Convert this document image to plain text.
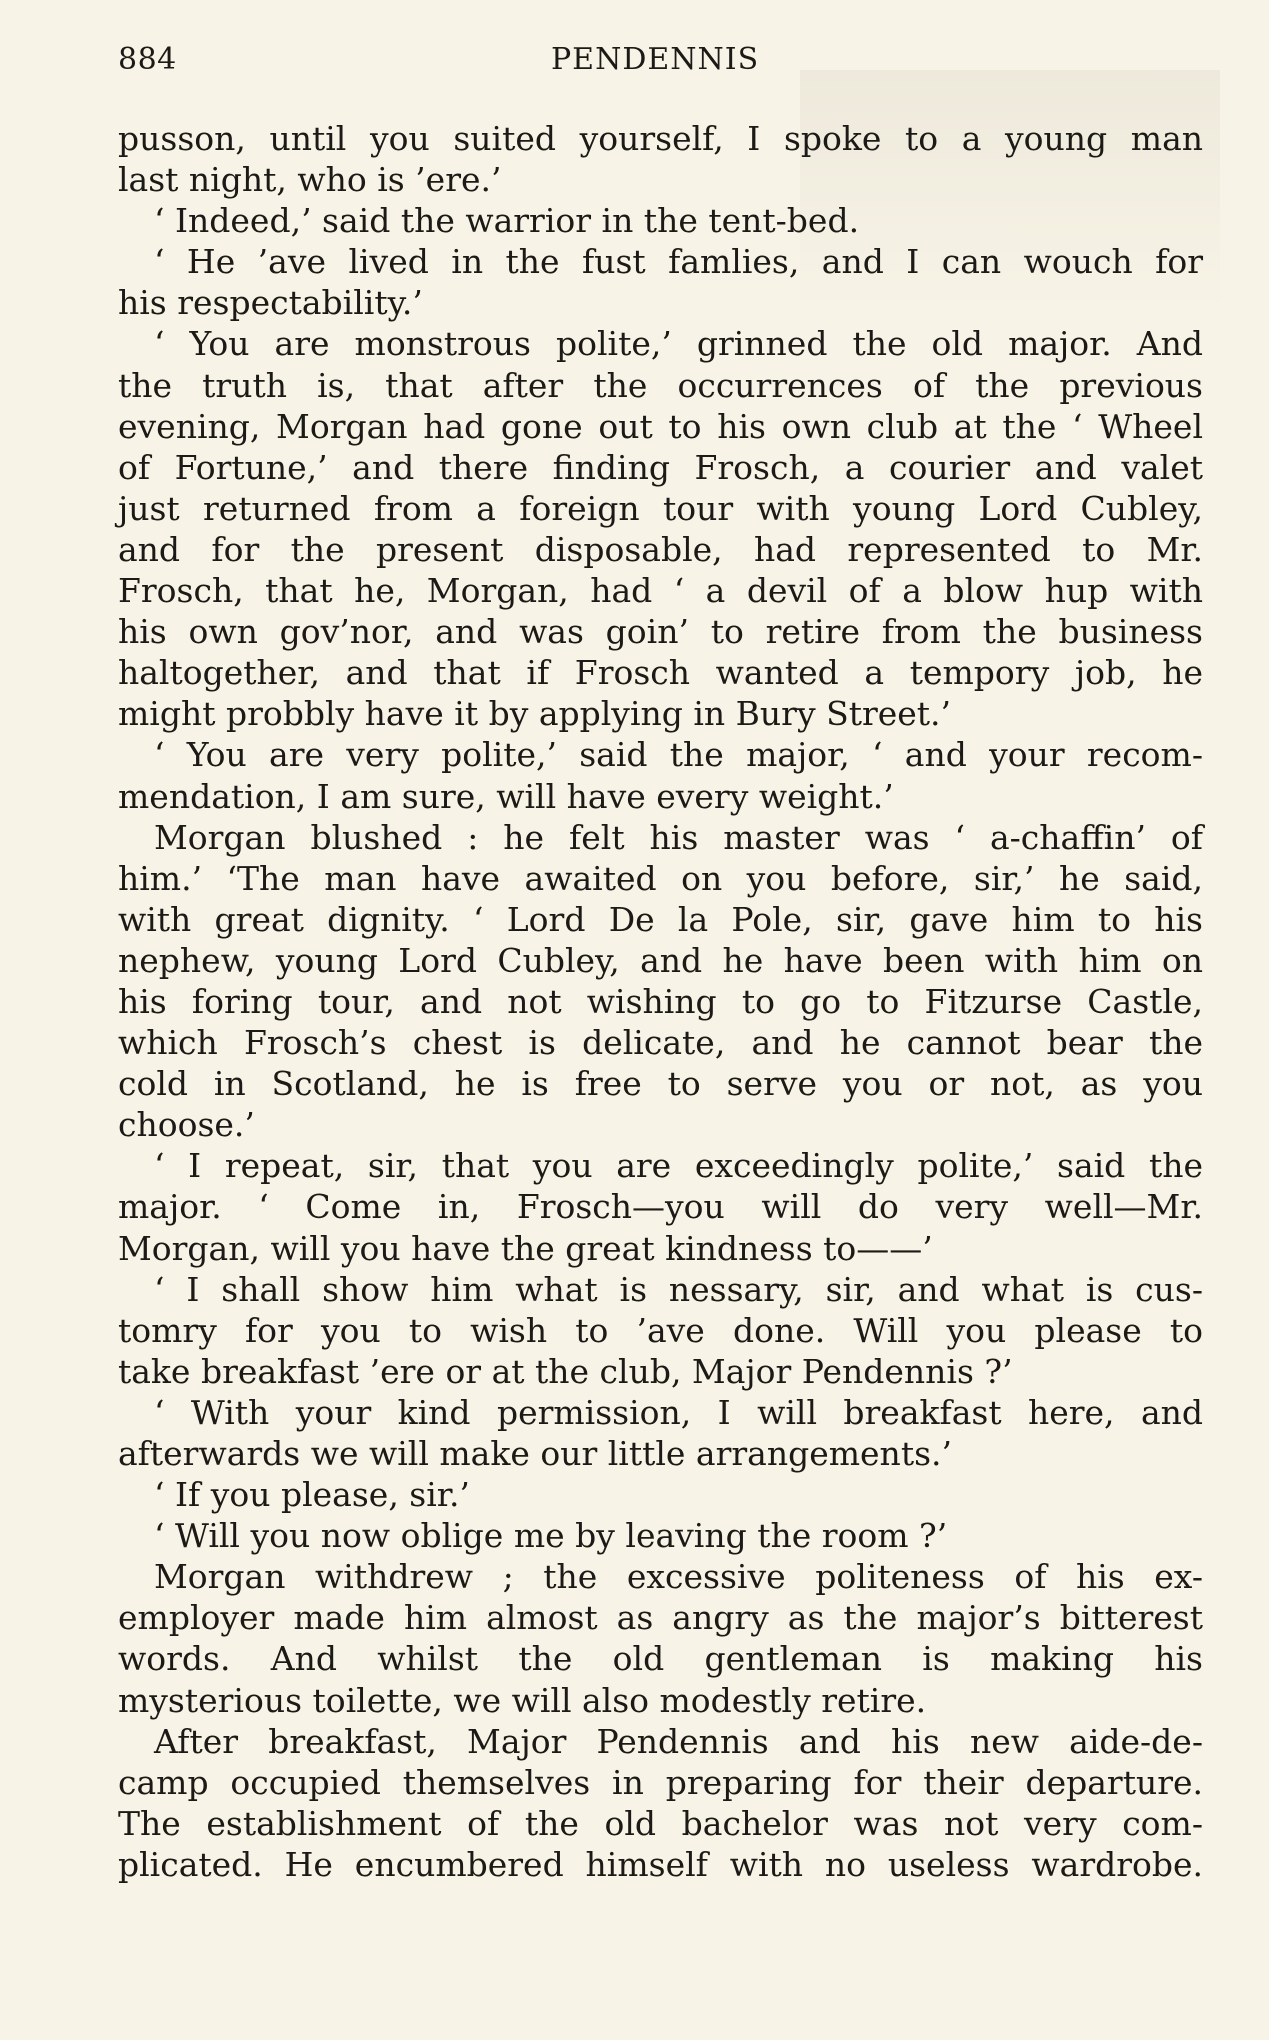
884	PENDENNIS
pusson, until you suited yourself, I spoke to a young man
last night, who is ’ere.’
‘ Indeed,’ said the warrior in the tent-bed.
‘ He ’ave lived in the fust famlies, and I can wouch for
his respectability.’
‘ You are monstrous polite,’ grinned the old major. And
the truth is, that after the occurrences of the previous
evening, Morgan had gone out to his own club at the ‘ Wheel
of Fortune,’ and there finding Frosch, a courier and valet
just returned from a foreign tour with young Lord Cubley,
and for the present disposable, had represented to Mr.
Frosch, that he, Morgan, had ‘ a devil of a blow hup with
his own gov’nor, and was goin’ to retire from the business
haltogether, and that if Frosch wanted a tempory job, he
might probbly have it by applying in Bury Street.’
‘ You are very polite,’ said the major, ‘ and your recom-
mendation, I am sure, will have every weight.’
Morgan blushed : he felt his master was ‘ a-chaffin’ of
him.’ ‘The man have awaited on you before, sir,’ he said,
with great dignity. ‘ Lord De la Pole, sir, gave him to his
nephew, young Lord Cubley, and he have been with him on
his foring tour, and not wishing to go to Fitzurse Castle,
which Frosch’s chest is delicate, and he cannot bear the
cold in Scotland, he is free to serve you or not, as you
choose.’
‘ I repeat, sir, that you are exceedingly polite,’ said the
major. ‘ Come in, Frosch—you will do very well—Mr.
Morgan, will you have the great kindness to——’
‘ I shall show him what is nessary, sir, and what is cus-
tomry for you to wish to ’ave done. Will you please to
take breakfast ’ere or at the club, Major Pendennis ?’
‘ With your kind permission, I will breakfast here, and
afterwards we will make our little arrangements.’
‘ If you please, sir.’
‘ Will you now oblige me by leaving the room ?’
Morgan withdrew ; the excessive politeness of his ex-
employer made him almost as angry as the major’s bitterest
words. And whilst the old gentleman is making his
mysterious toilette, we will also modestly retire.
After breakfast, Major Pendennis and his new aide-de-
camp occupied themselves in preparing for their departure.
The establishment of the old bachelor was not very com-
plicated. He encumbered himself with no useless wardrobe.
